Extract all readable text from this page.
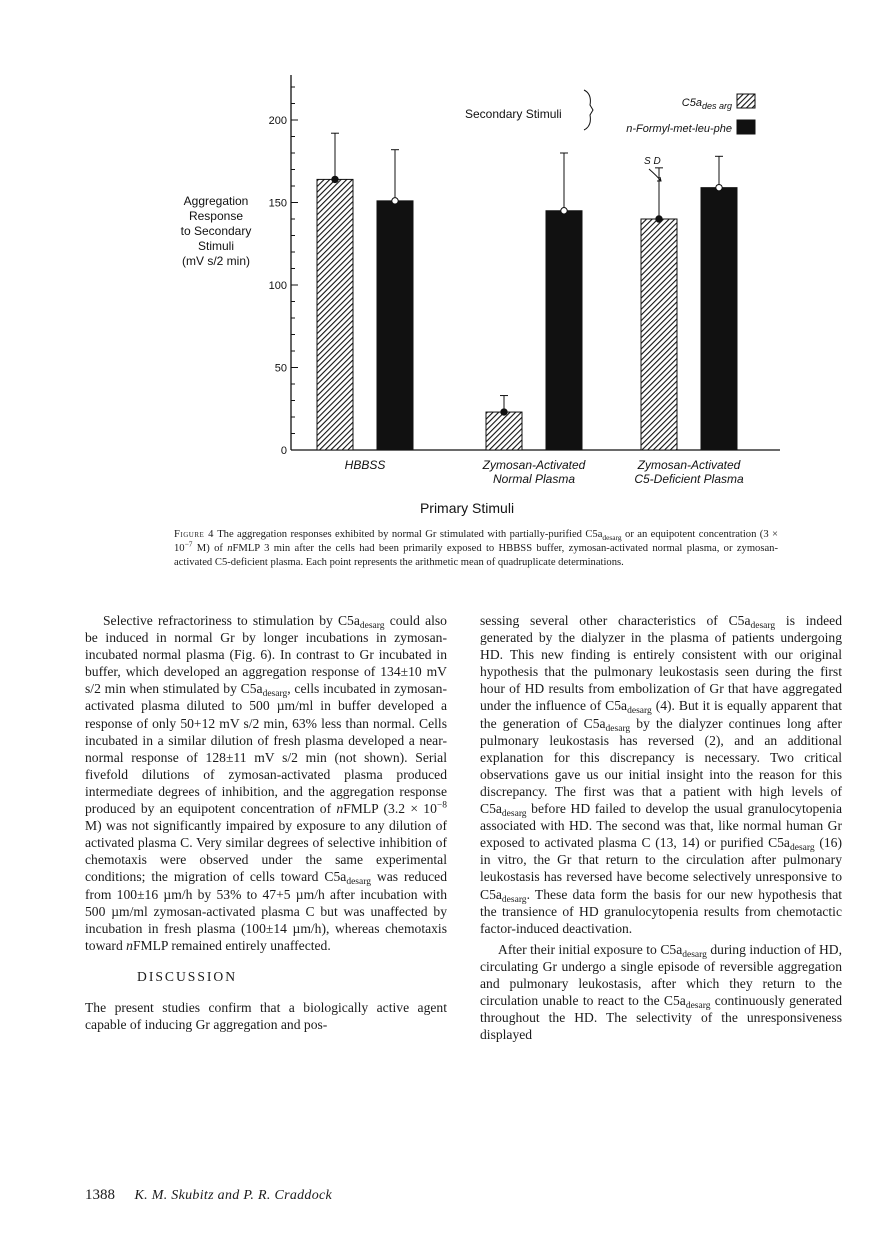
Aggregation
Response
to Secondary
Stimuli
(mV s/2 min)
0
50
100
150
200
HBBSS	Zymosan-Activated
Normal Plasma
Zymosan-Activated
C5-Deficient Plasma
Primary Stimuli
Secondary Stimuli
$C5a_{des arg}$
n-Formyl-met-leu-phe
S D
Figure 4 The aggregation responses exhibited by normal Gr stimulated with partially-purified $C5a_{desarg}$ or an equipotent concentration ($3 \times 10^{-7}$ M) of nFMLP 3 min after the cells had been primarily exposed to HBBSS buffer, zymosan-activated normal plasma, or zymosan-activated C5-deficient plasma. Each point represents the arithmetic mean of quadruplicate determinations.

Selective refractoriness to stimulation by $C5a_{desarg}$ could also be induced in normal Gr by longer incubations in zymosan-incubated normal plasma (Fig. 6). In contrast to Gr incubated in buffer, which developed an aggregation response of 134±10 mV s/2 min when stimulated by $C5a_{desarg}$, cells incubated in zymosan-activated plasma diluted to 500 µm/ml in buffer developed a response of only 50+12 mV s/2 min, 63% less than normal. Cells incubated in a similar dilution of fresh plasma developed a near-normal response of 128±11 mV s/2 min (not shown). Serial fivefold dilutions of zymosan-activated plasma produced intermediate degrees of inhibition, and the aggregation response produced by an equipotent concentration of nFMLP ($3.2 \times 10^{-8}$ M) was not significantly impaired by exposure to any dilution of activated plasma C. Very similar degrees of selective inhibition of chemotaxis were observed under the same experimental conditions; the migration of cells toward $C5a_{desarg}$ was reduced from 100±16 µm/h by 53% to 47+5 µm/h after incubation with 500 µm/ml zymosan-activated plasma C but was unaffected by incubation in fresh plasma (100±14 µm/h), whereas chemotaxis toward nFMLP remained entirely unaffected.

DISCUSSION

The present studies confirm that a biologically active agent capable of inducing Gr aggregation and pos-

sessing several other characteristics of $C5a_{desarg}$ is indeed generated by the dialyzer in the plasma of patients undergoing HD. This new finding is entirely consistent with our original hypothesis that the pulmonary leukostasis seen during the first hour of HD results from embolization of Gr that have aggregated under the influence of $C5a_{desarg}$ (4). But it is equally apparent that the generation of $C5a_{desarg}$ by the dialyzer continues long after pulmonary leukostasis has reversed (2), and an additional explanation for this discrepancy is necessary. Two critical observations gave us our initial insight into the reason for this discrepancy. The first was that a patient with high levels of $C5a_{desarg}$ before HD failed to develop the usual granulocytopenia associated with HD. The second was that, like normal human Gr exposed to activated plasma C (13, 14) or purified $C5a_{desarg}$ (16) in vitro, the Gr that return to the circulation after pulmonary leukostasis has reversed have become selectively unresponsive to $C5a_{desarg}$. These data form the basis for our new hypothesis that the transience of HD granulocytopenia results from chemotactic factor-induced deactivation.

After their initial exposure to $C5a_{desarg}$ during induction of HD, circulating Gr undergo a single episode of reversible aggregation and pulmonary leukostasis, after which they return to the circulation unable to react to the $C5a_{desarg}$ continuously generated throughout the HD. The selectivity of the unresponsiveness displayed

1388 K. M. Skubitz and P. R. Craddock
